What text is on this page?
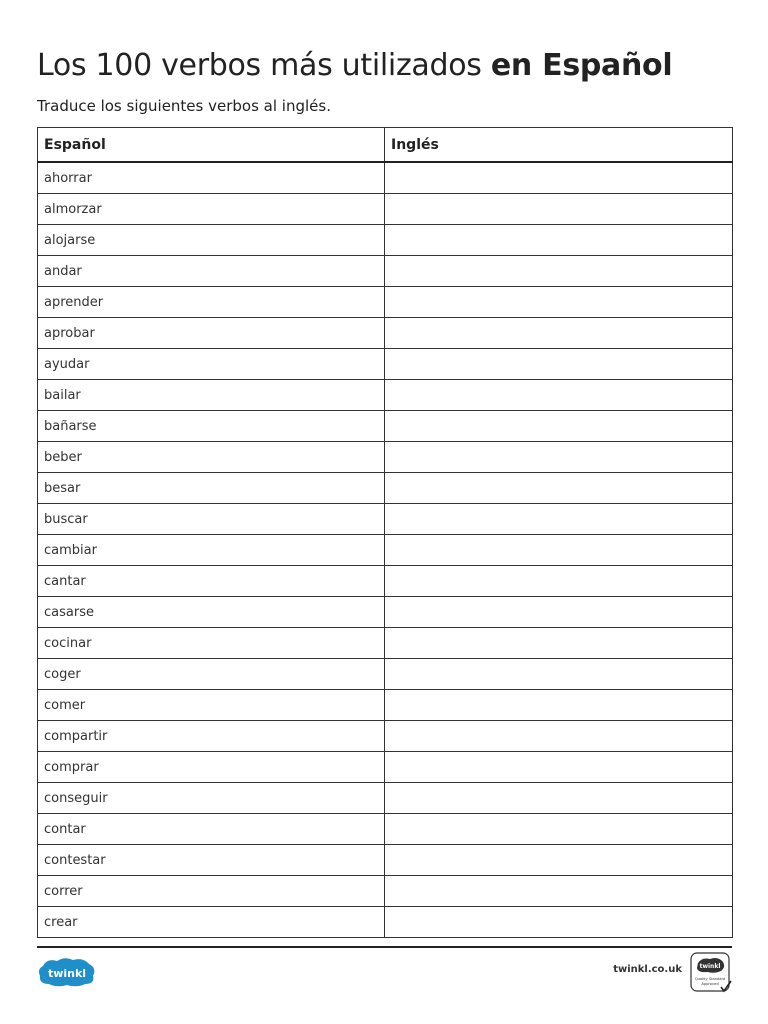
Los 100 verbos más utilizados en Español

Traduce los siguientes verbos al inglés.

Español	Inglés
ahorrar	
almorzar	
alojarse	
andar	
aprender	
aprobar	
ayudar	
bailar	
bañarse	
beber	
besar	
buscar	
cambiar	
cantar	
casarse	
cocinar	
coger	
comer	
compartir	
comprar	
conseguir	
contar	
contestar	
correr	
crear	
twinkl	twinkl.co.uk	twinkl
Quality Standard
Approved
